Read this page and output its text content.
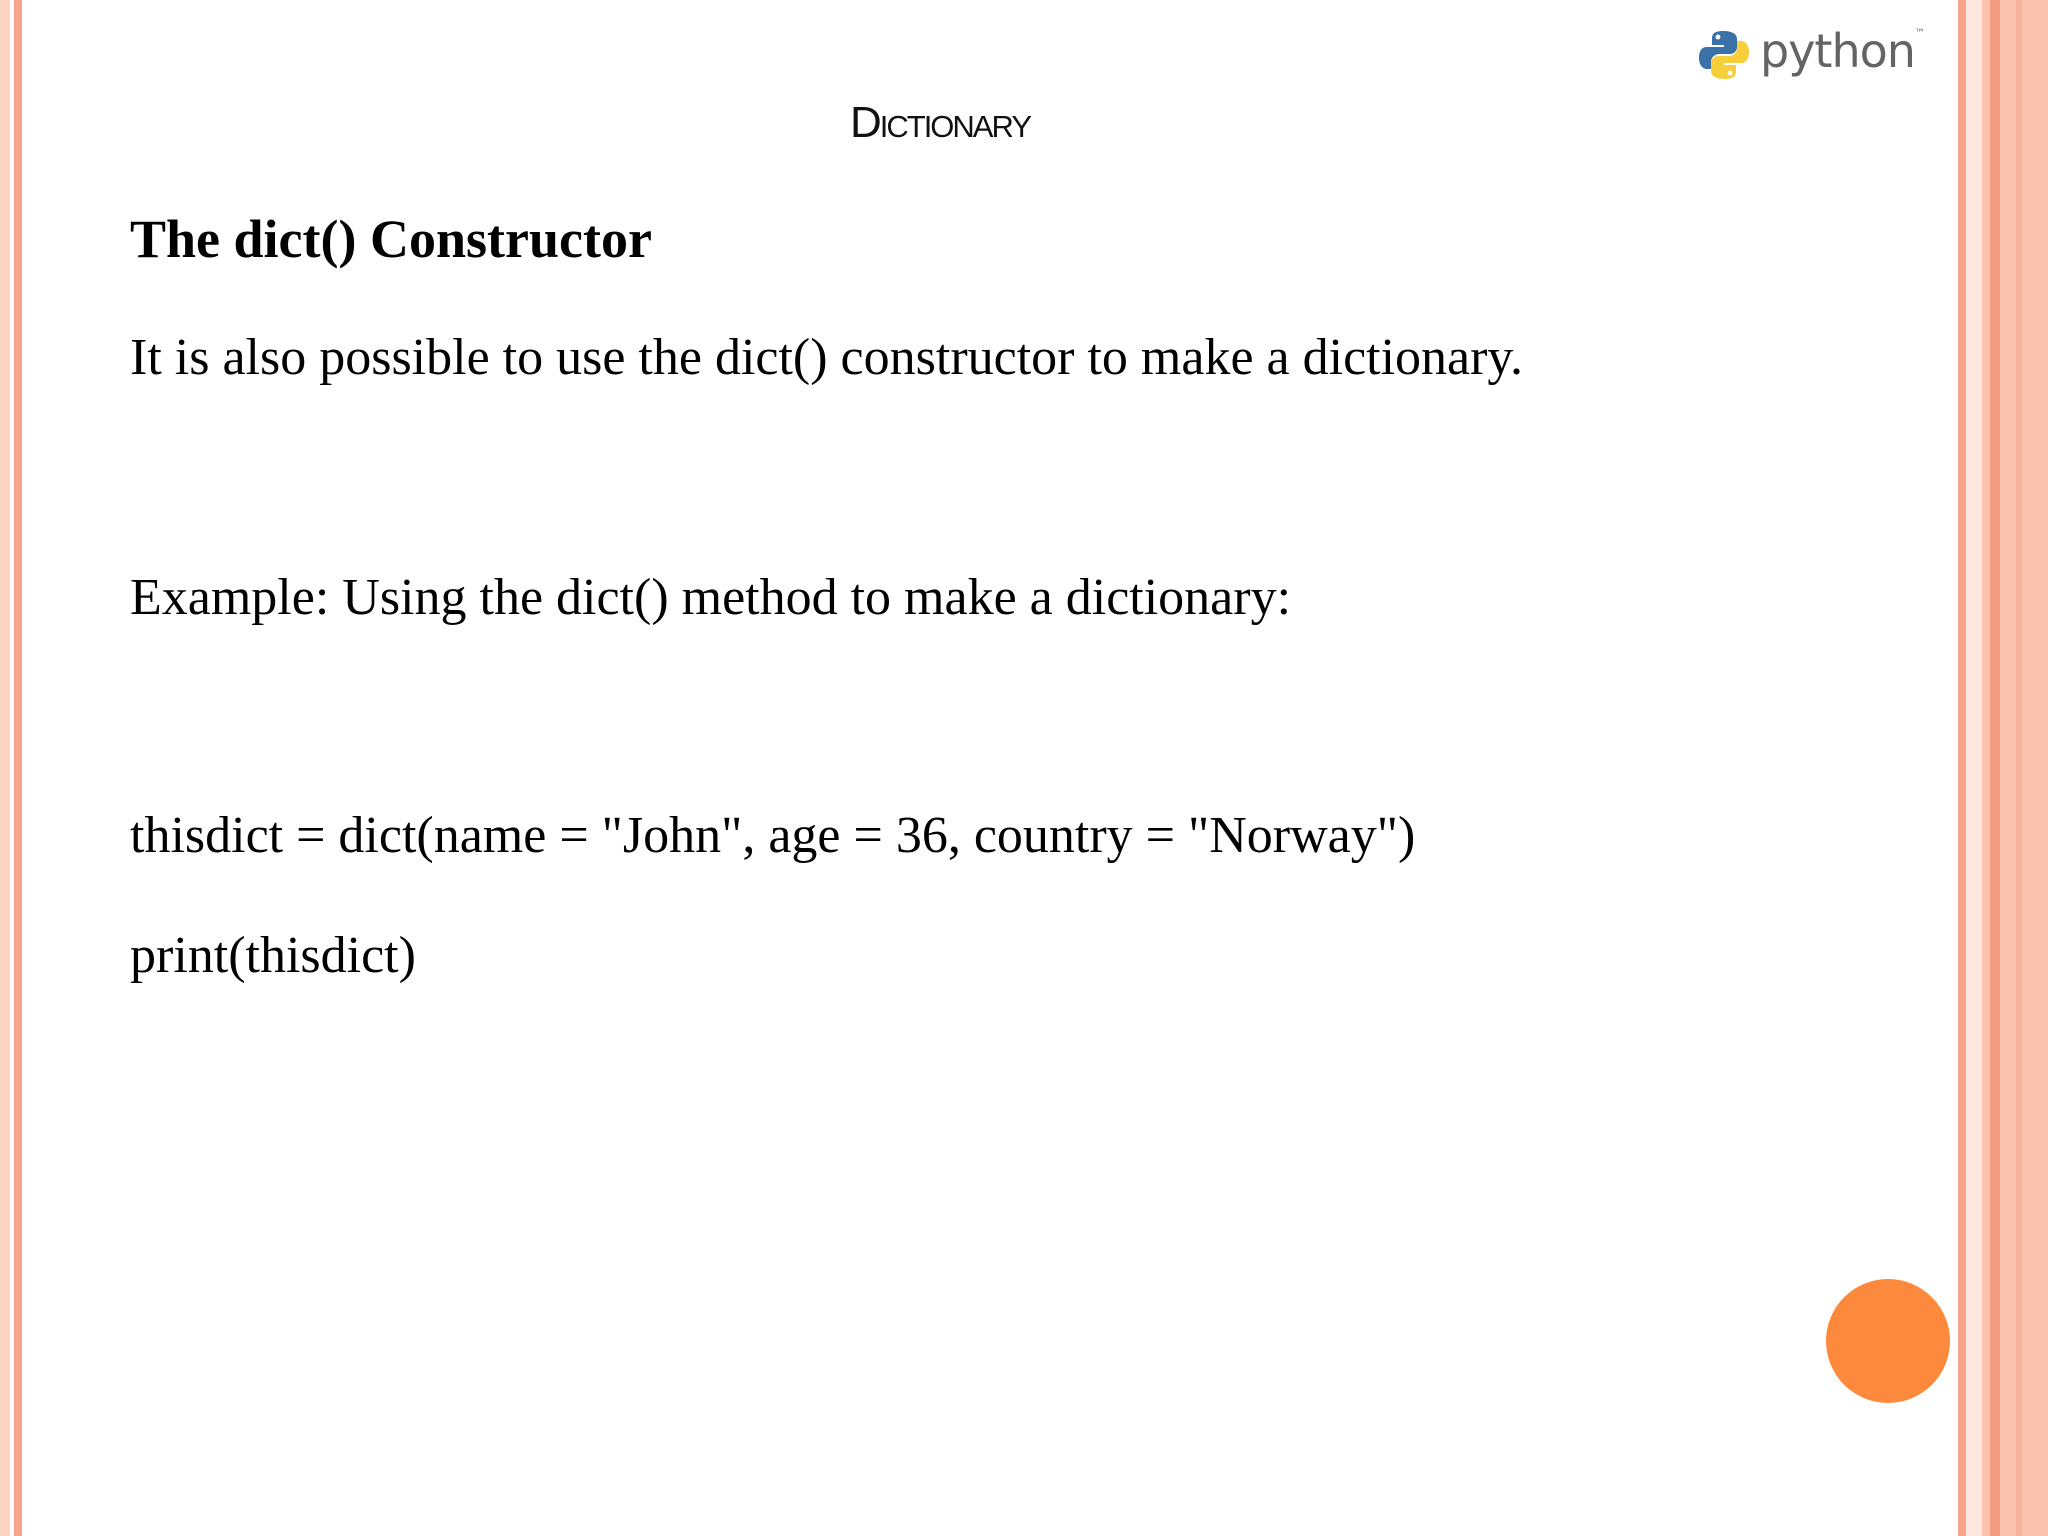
python ™
Dictionary
The dict() Constructor
It is also possible to use the dict() constructor to make a dictionary.
Example: Using the dict() method to make a dictionary:
thisdict = dict(name = "John", age = 36, country = "Norway")
print(thisdict)
